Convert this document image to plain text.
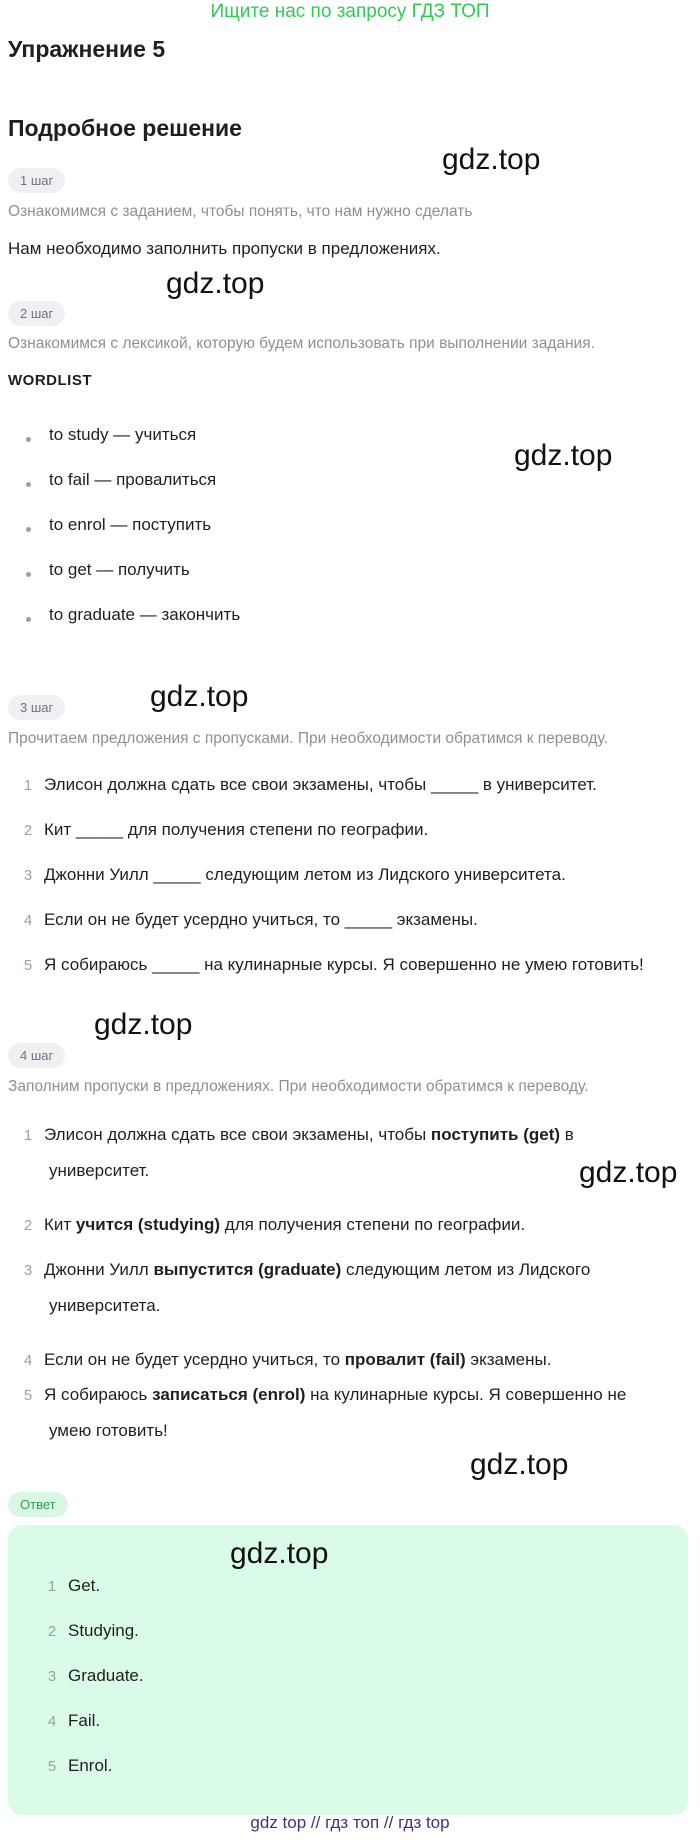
Ищите нас по запросу ГДЗ ТОП
Упражнение 5
Подробное решение
1 шаг
Ознакомимся с заданием, чтобы понять, что нам нужно сделать
Нам необходимо заполнить пропуски в предложениях.
2 шаг
Ознакомимся с лексикой, которую будем использовать при выполнении задания.
WORDLIST
to study — учиться
to fail — провалиться
to enrol — поступить
to get — получить
to graduate — закончить
3 шаг
Прочитаем предложения с пропусками. При необходимости обратимся к переводу.
1 Элисон должна сдать все свои экзамены, чтобы _____ в университет.
2 Кит _____ для получения степени по географии.
3 Джонни Уилл _____ следующим летом из Лидского университета.
4 Если он не будет усердно учиться, то _____ экзамены.
5 Я собираюсь _____ на кулинарные курсы. Я совершенно не умею готовить!
4 шаг
Заполним пропуски в предложениях. При необходимости обратимся к переводу.
1 Элисон должна сдать все свои экзамены, чтобы поступить (get) в
университет.
2 Кит учится (studying) для получения степени по географии.
3 Джонни Уилл выпустится (graduate) следующим летом из Лидского
университета.
4 Если он не будет усердно учиться, то провалит (fail) экзамены.
5 Я собираюсь записаться (enrol) на кулинарные курсы. Я совершенно не
умею готовить!
Ответ
1 Get.
2 Studying.
3 Graduate.
4 Fail.
5 Enrol.
gdz.top
gdz.top
gdz.top
gdz.top
gdz.top
gdz.top
gdz.top
gdz.top
gdz top // гдз топ // гдз top
